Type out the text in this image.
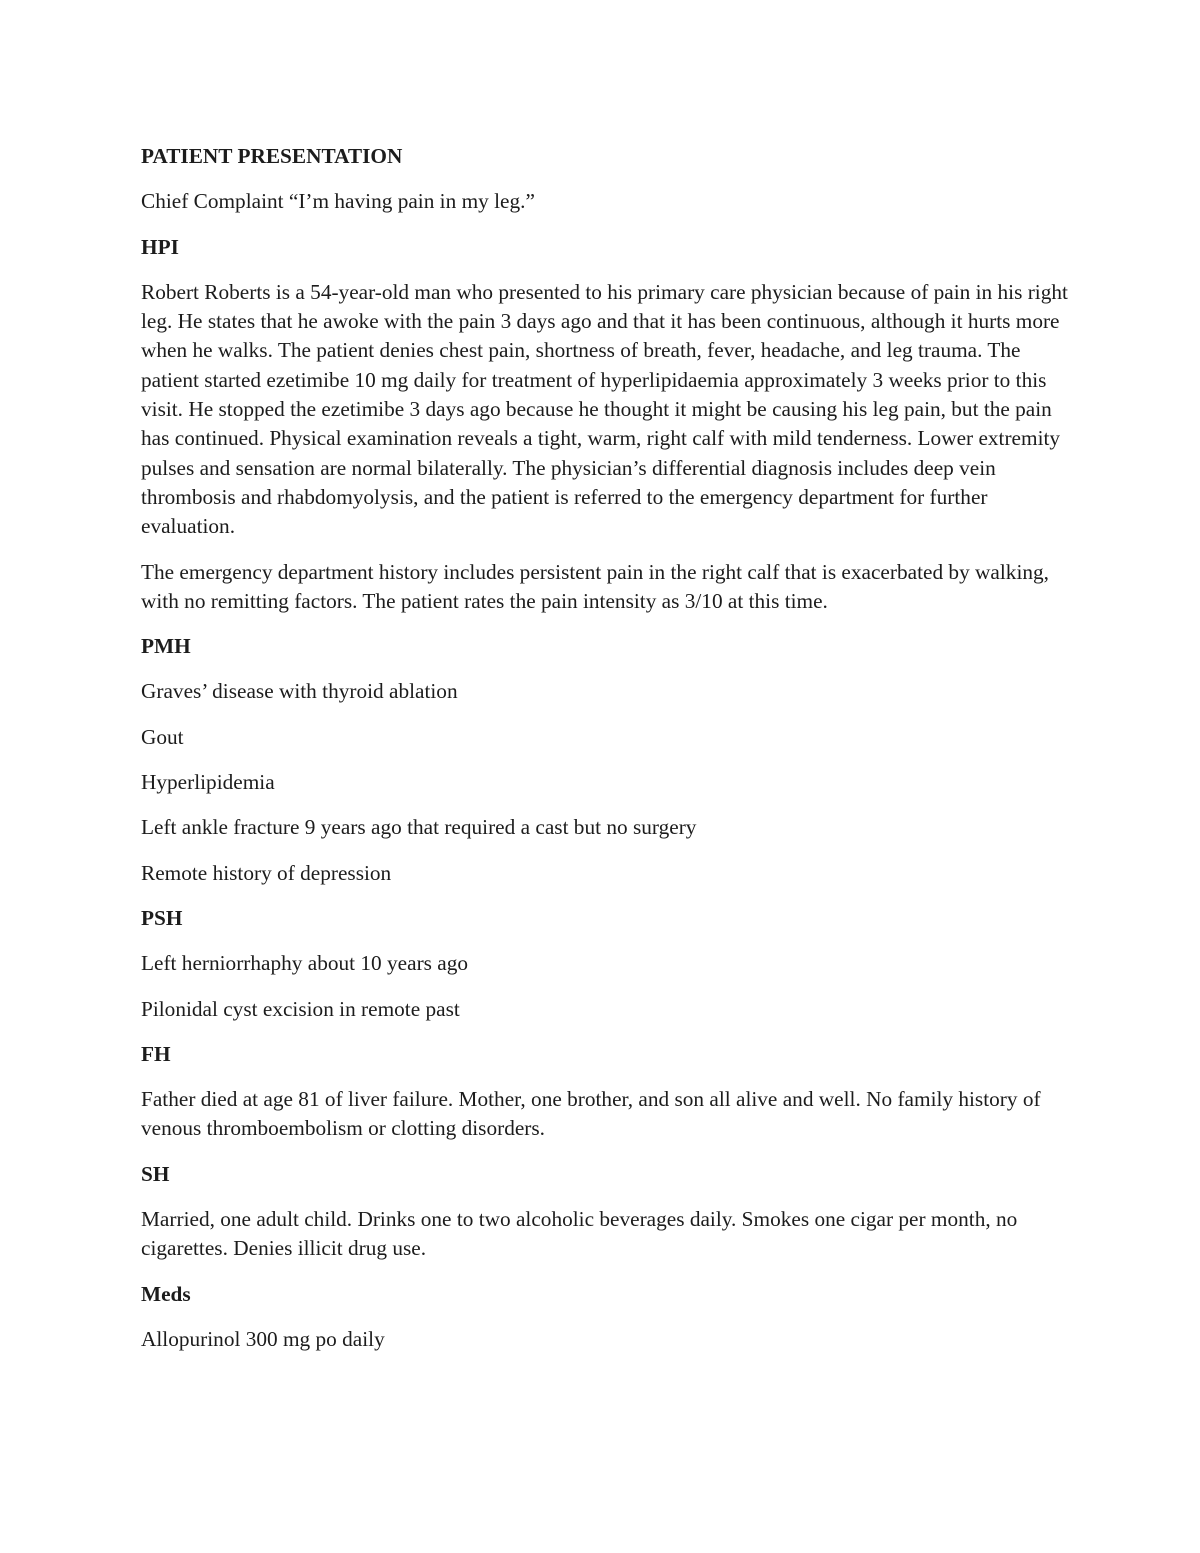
PATIENT PRESENTATION

Chief Complaint “I’m having pain in my leg.”

HPI

Robert Roberts is a 54-year-old man who presented to his primary care physician because of pain in his right leg. He states that he awoke with the pain 3 days ago and that it has been continuous, although it hurts more when he walks. The patient denies chest pain, shortness of breath, fever, headache, and leg trauma. The patient started ezetimibe 10 mg daily for treatment of hyperlipidaemia approximately 3 weeks prior to this visit. He stopped the ezetimibe 3 days ago because he thought it might be causing his leg pain, but the pain has continued. Physical examination reveals a tight, warm, right calf with mild tenderness. Lower extremity pulses and sensation are normal bilaterally. The physician’s differential diagnosis includes deep vein thrombosis and rhabdomyolysis, and the patient is referred to the emergency department for further evaluation.

The emergency department history includes persistent pain in the right calf that is exacerbated by walking, with no remitting factors. The patient rates the pain intensity as 3/10 at this time.

PMH

Graves’ disease with thyroid ablation

Gout

Hyperlipidemia

Left ankle fracture 9 years ago that required a cast but no surgery

Remote history of depression

PSH

Left herniorrhaphy about 10 years ago

Pilonidal cyst excision in remote past

FH

Father died at age 81 of liver failure. Mother, one brother, and son all alive and well. No family history of venous thromboembolism or clotting disorders.

SH

Married, one adult child. Drinks one to two alcoholic beverages daily. Smokes one cigar per month, no cigarettes. Denies illicit drug use.

Meds

Allopurinol 300 mg po daily
